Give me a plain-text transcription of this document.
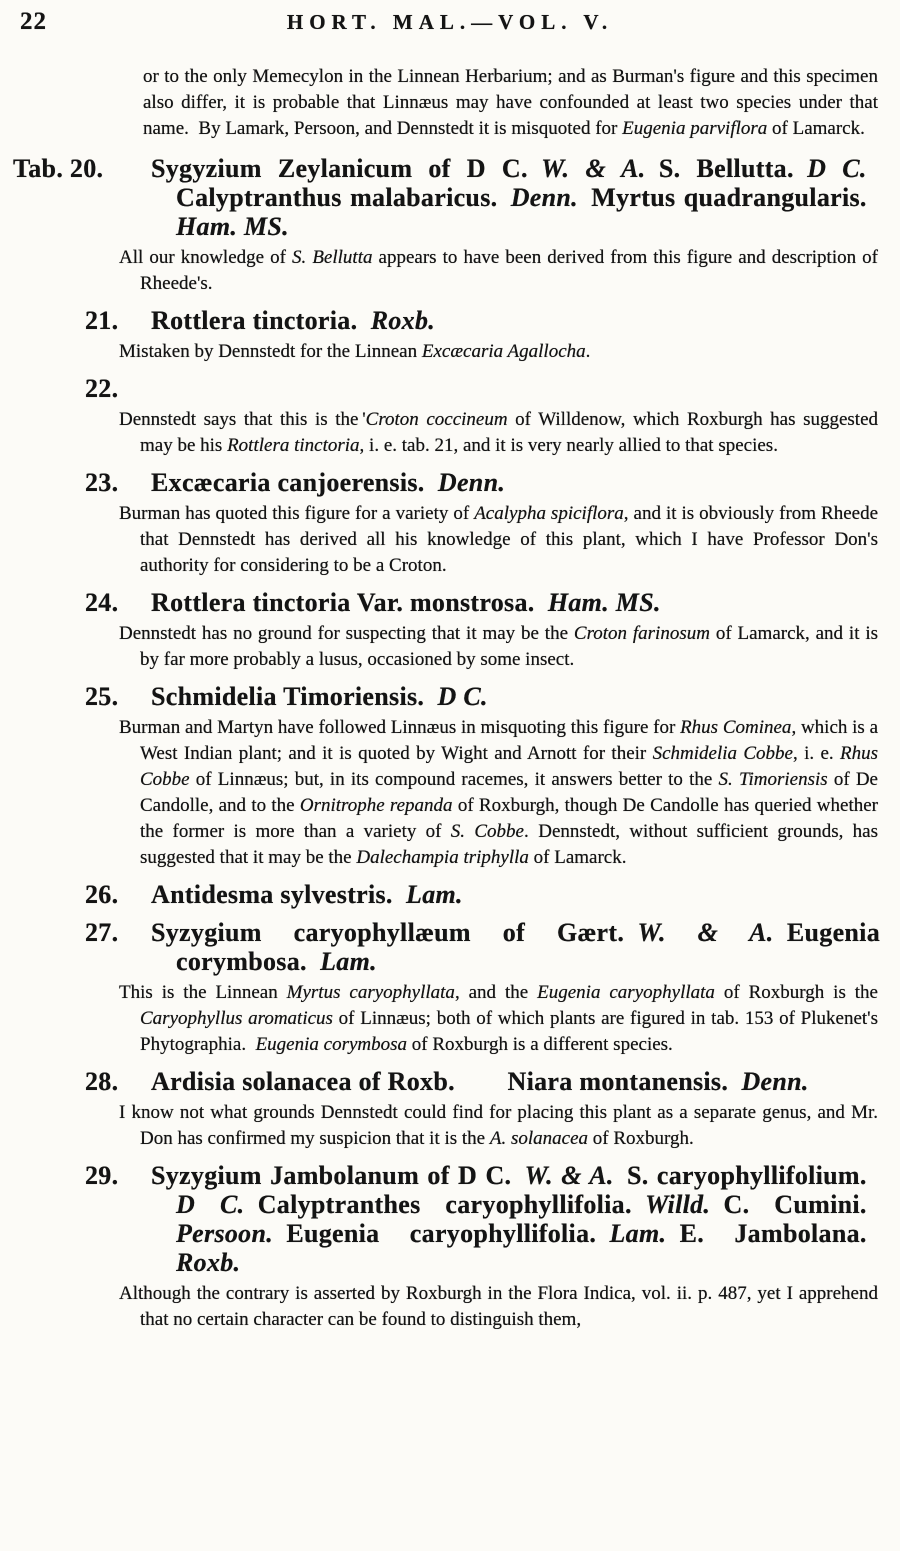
22	HORT. MAL.—VOL. V.

or to the only Memecylon in the Linnean Herbarium; and as Burman's figure and this specimen also differ, it is probable that Linnæus may have confounded at least two species under that name. By Lamark, Persoon, and Dennstedt it is misquoted for Eugenia parviflora of Lamarck.

Tab. 20. Sygyzium Zeylanicum of D C. W. & A. S. Bellutta. D C. Calyptranthus malabaricus. Denn. Myrtus quadrangularis. Ham. MS.

All our knowledge of S. Bellutta appears to have been derived from this figure and description of Rheede's.

21. Rottlera tinctoria. Roxb.

Mistaken by Dennstedt for the Linnean Excæcaria Agallocha.

22.

Dennstedt says that this is the 'Croton coccineum of Willdenow, which Roxburgh has suggested may be his Rottlera tinctoria, i. e. tab. 21, and it is very nearly allied to that species.

23. Excæcaria canjoerensis. Denn.

Burman has quoted this figure for a variety of Acalypha spiciflora, and it is obviously from Rheede that Dennstedt has derived all his knowledge of this plant, which I have Professor Don's authority for considering to be a Croton.

24. Rottlera tinctoria Var. monstrosa. Ham. MS.

Dennstedt has no ground for suspecting that it may be the Croton farinosum of Lamarck, and it is by far more probably a lusus, occasioned by some insect.

25. Schmidelia Timoriensis. D C.

Burman and Martyn have followed Linnæus in misquoting this figure for Rhus Cominea, which is a West Indian plant; and it is quoted by Wight and Arnott for their Schmidelia Cobbe, i. e. Rhus Cobbe of Linnæus; but, in its compound racemes, it answers better to the S. Timoriensis of De Candolle, and to the Ornitrophe repanda of Roxburgh, though De Candolle has queried whether the former is more than a variety of S. Cobbe. Dennstedt, without sufficient grounds, has suggested that it may be the Dalechampia triphylla of Lamarck.

26. Antidesma sylvestris. Lam.
27. Syzygium caryophyllæum of Gært. W. & A. Eugenia corymbosa. Lam.

This is the Linnean Myrtus caryophyllata, and the Eugenia caryophyllata of Roxburgh is the Caryophyllus aromaticus of Linnæus; both of which plants are figured in tab. 153 of Plukenet's Phytographia. Eugenia corymbosa of Roxburgh is a different species.

28. Ardisia solanacea of Roxb.  Niara montanensis. Denn.

I know not what grounds Dennstedt could find for placing this plant as a separate genus, and Mr. Don has confirmed my suspicion that it is the A. solanacea of Roxburgh.

29. Syzygium Jambolanum of D C. W. & A. S. caryophyllifolium. D C. Calyptranthes caryophyllifolia. Willd. C. Cumini. Persoon. Eugenia caryophyllifolia. Lam. E. Jambolana. Roxb.

Although the contrary is asserted by Roxburgh in the Flora Indica, vol. ii. p. 487, yet I apprehend that no certain character can be found to distinguish them,
